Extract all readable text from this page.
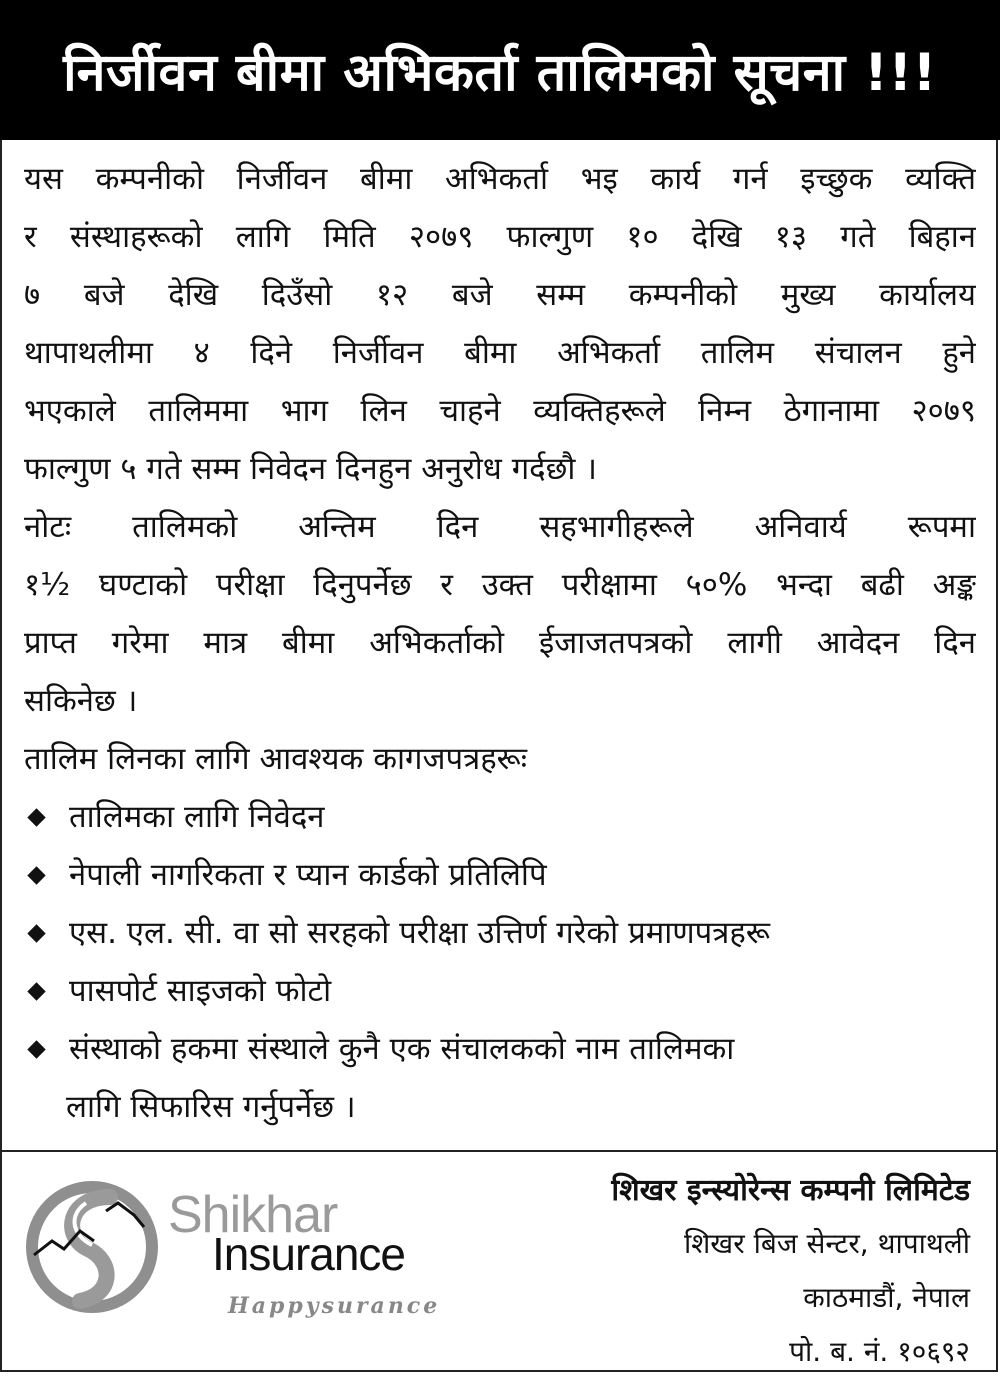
निर्जीवन बीमा अभिकर्ता तालिमको सूचना !!!
यस कम्पनीको निर्जीवन बीमा अभिकर्ता भइ कार्य गर्न इच्छुक व्यक्ति
र संस्थाहरूको लागि मिति २०७९ फाल्गुण १० देखि १३ गते बिहान
७ बजे देखि दिउँसो १२ बजे सम्म कम्पनीको मुख्य कार्यालय
थापाथलीमा ४ दिने निर्जीवन बीमा अभिकर्ता तालिम संचालन हुने
भएकाले तालिममा भाग लिन चाहने व्यक्तिहरूले निम्न ठेगानामा २०७९
फाल्गुण ५ गते सम्म निवेदन दिनहुन अनुरोध गर्दछौ ।
नोटः तालिमको अन्तिम दिन सहभागीहरूले अनिवार्य रूपमा
१½ घण्टाको परीक्षा दिनुपर्नेछ र उक्त परीक्षामा ५०% भन्दा बढी अङ्क
प्राप्त गरेमा मात्र बीमा अभिकर्ताको ईजाजतपत्रको लागी आवेदन दिन
सकिनेछ ।
तालिम लिनका लागि आवश्यक कागजपत्रहरूः
तालिमका लागि निवेदन
नेपाली नागरिकता र प्यान कार्डको प्रतिलिपि
एस. एल. सी. वा सो सरहको परीक्षा उत्तिर्ण गरेको प्रमाणपत्रहरू
पासपोर्ट साइजको फोटो
संस्थाको हकमा संस्थाले कुनै एक संचालकको नाम तालिमका
लागि सिफारिस गर्नुपर्नेछ ।
Shikhar
Insurance
Happysurance
शिखर इन्स्योरेन्स कम्पनी लिमिटेड
शिखर बिज सेन्टर, थापाथली
काठमाडौं, नेपाल
पो. ब. नं. १०६९२
